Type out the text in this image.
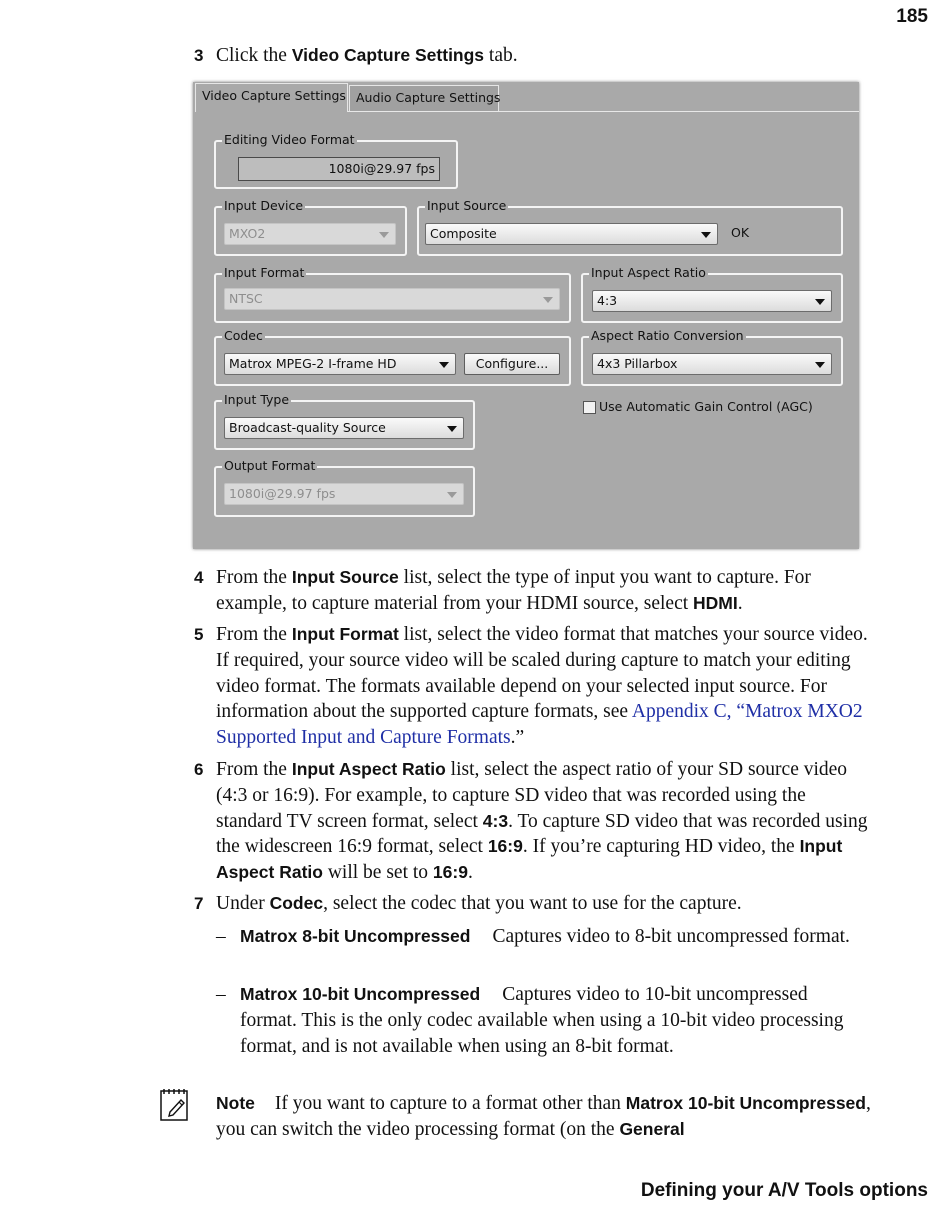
185
3 Click the Video Capture Settings tab.
Video Capture Settings Audio Capture Settings
Editing Video Format
1080i@29.97 fps
Input Device
MXO2
Input Source
Composite	OK
Input Format
NTSC
Input Aspect Ratio
4:3
Codec
Matrox MPEG-2 I-frame HD	Configure...
Aspect Ratio Conversion
4x3 Pillarbox
Use Automatic Gain Control (AGC)
Input Type
Broadcast-quality Source
Output Format
1080i@29.97 fps
4 From the Input Source list, select the type of input you want to capture. For example, to capture material from your HDMI source, select HDMI.
5 From the Input Format list, select the video format that matches your source video. If required, your source video will be scaled during capture to match your editing video format. The formats available depend on your selected input source. For information about the supported capture formats, see Appendix C, “Matrox MXO2 Supported Input and Capture Formats.”
6 From the Input Aspect Ratio list, select the aspect ratio of your SD source video (4:3 or 16:9). For example, to capture SD video that was recorded using the standard TV screen format, select 4:3. To capture SD video that was recorded using the widescreen 16:9 format, select 16:9. If you’re capturing HD video, the Input Aspect Ratio will be set to 16:9.
7 Under Codec, select the codec that you want to use for the capture.
– Matrox 8-bit Uncompressed Captures video to 8-bit uncompressed format.
– Matrox 10-bit Uncompressed Captures video to 10-bit uncompressed format. This is the only codec available when using a 10-bit video processing format, and is not available when using an 8-bit format.
Note If you want to capture to a format other than Matrox 10-bit Uncompressed, you can switch the video processing format (on the General
Defining your A/V Tools options
